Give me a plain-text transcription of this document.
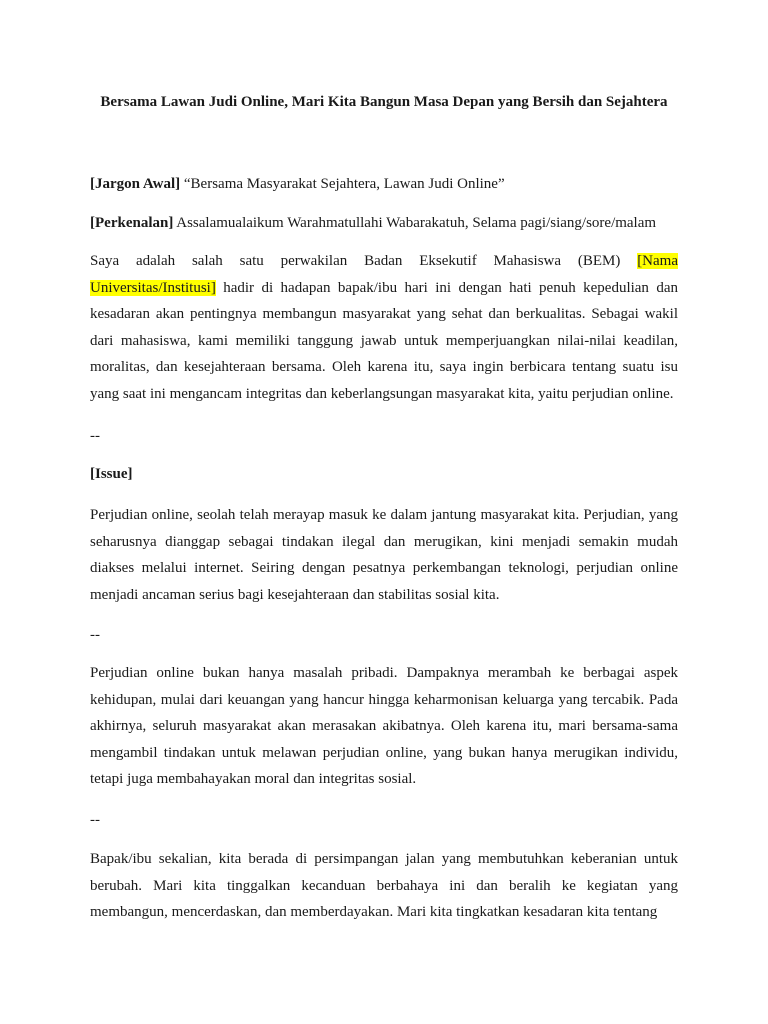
Bersama Lawan Judi Online, Mari Kita Bangun Masa Depan yang Bersih dan Sejahtera
[Jargon Awal] “Bersama Masyarakat Sejahtera, Lawan Judi Online”
[Perkenalan] Assalamualaikum Warahmatullahi Wabarakatuh, Selama pagi/siang/sore/malam
Saya adalah salah satu perwakilan Badan Eksekutif Mahasiswa (BEM) [Nama Universitas/Institusi] hadir di hadapan bapak/ibu hari ini dengan hati penuh kepedulian dan kesadaran akan pentingnya membangun masyarakat yang sehat dan berkualitas. Sebagai wakil dari mahasiswa, kami memiliki tanggung jawab untuk memperjuangkan nilai-nilai keadilan, moralitas, dan kesejahteraan bersama. Oleh karena itu, saya ingin berbicara tentang suatu isu yang saat ini mengancam integritas dan keberlangsungan masyarakat kita, yaitu perjudian online.
--
[Issue]
Perjudian online, seolah telah merayap masuk ke dalam jantung masyarakat kita. Perjudian, yang seharusnya dianggap sebagai tindakan ilegal dan merugikan, kini menjadi semakin mudah diakses melalui internet. Seiring dengan pesatnya perkembangan teknologi, perjudian online menjadi ancaman serius bagi kesejahteraan dan stabilitas sosial kita.
--
Perjudian online bukan hanya masalah pribadi. Dampaknya merambah ke berbagai aspek kehidupan, mulai dari keuangan yang hancur hingga keharmonisan keluarga yang tercabik. Pada akhirnya, seluruh masyarakat akan merasakan akibatnya. Oleh karena itu, mari bersama-sama mengambil tindakan untuk melawan perjudian online, yang bukan hanya merugikan individu, tetapi juga membahayakan moral dan integritas sosial.
--
Bapak/ibu sekalian, kita berada di persimpangan jalan yang membutuhkan keberanian untuk berubah. Mari kita tinggalkan kecanduan berbahaya ini dan beralih ke kegiatan yang membangun, mencerdaskan, dan memberdayakan. Mari kita tingkatkan kesadaran kita tentang
